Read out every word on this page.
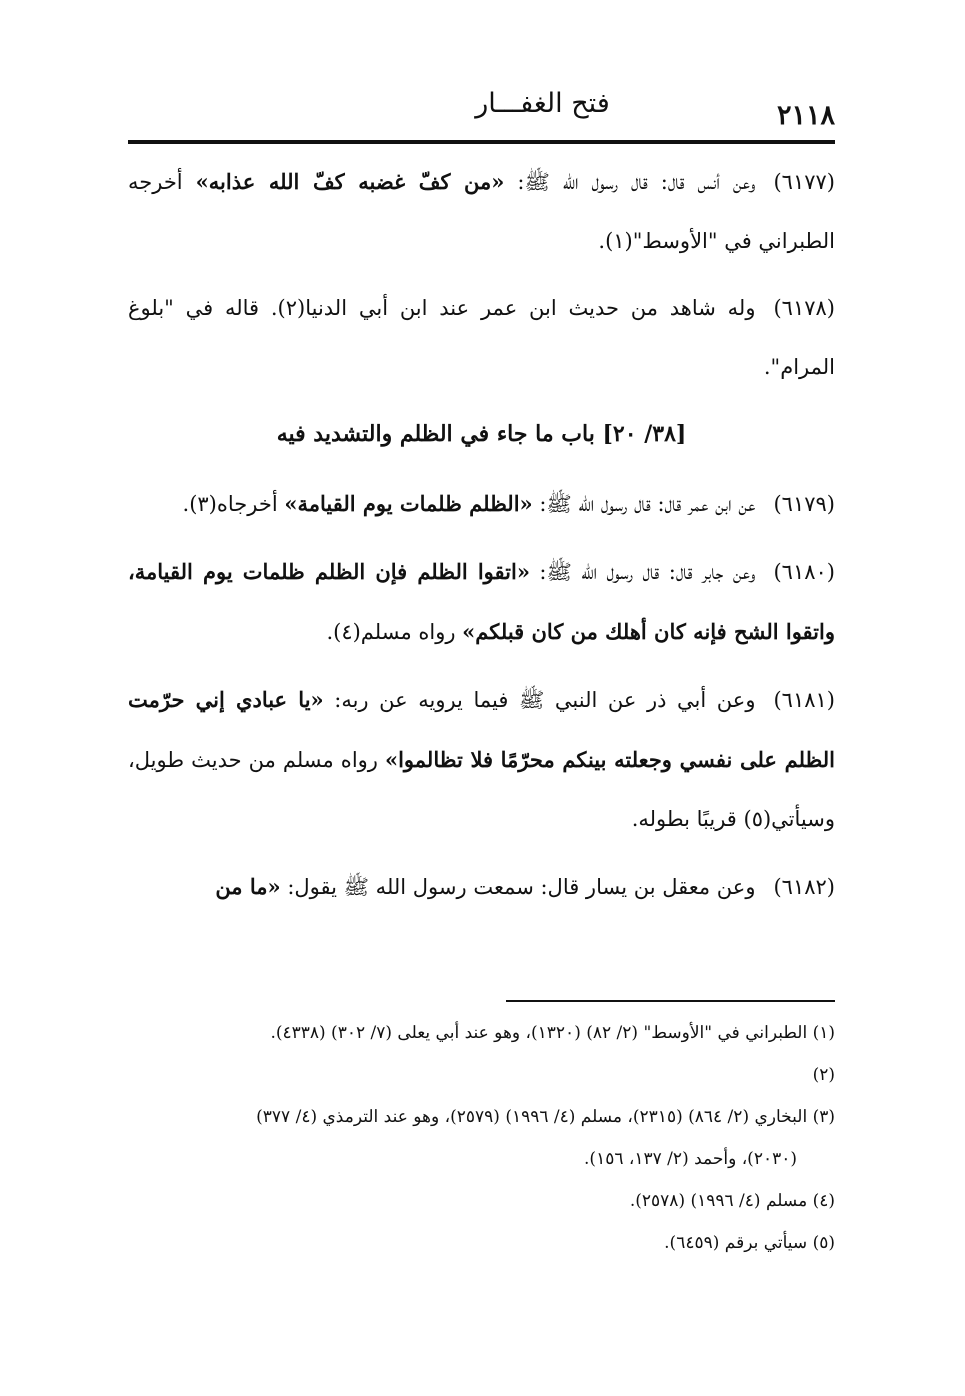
٢١١٨
فتح الغفـــار

(٦١٧٧)وعن أنس قال: قال رسول الله ﷺ: «من كفّ غضبه كفّ الله عذابه» أخرجه الطبراني في "الأوسط"(١).

(٦١٧٨)وله شاهد من حديث ابن عمر عند ابن أبي الدنيا(٢). قاله في "بلوغ المرام".

[٣٨/ ٢٠] باب ما جاء في الظلم والتشديد فيه

(٦١٧٩)عن ابن عمر قال: قال رسول الله ﷺ: «الظلم ظلمات يوم القيامة» أخرجاه(٣).

(٦١٨٠)وعن جابر قال: قال رسول الله ﷺ: «اتقوا الظلم فإن الظلم ظلمات يوم القيامة، واتقوا الشح فإنه كان أهلك من كان قبلكم» رواه مسلم(٤).

(٦١٨١)وعن أبي ذر عن النبي ﷺ فيما يرويه عن ربه: «يا عبادي إني حرّمت الظلم على نفسي وجعلته بينكم محرّمًا فلا تظالموا» رواه مسلم من حديث طويل، وسيأتي(٥) قريبًا بطوله.

(٦١٨٢)وعن معقل بن يسار قال: سمعت رسول الله ﷺ يقول: «ما من

(١) الطبراني في "الأوسط" (٢/ ٨٢) (١٣٢٠)، وهو عند أبي يعلى (٧/ ٣٠٢) (٤٣٣٨).

(٢)

(٣) البخاري (٢/ ٨٦٤) (٢٣١٥)، مسلم (٤/ ١٩٩٦) (٢٥٧٩)، وهو عند الترمذي (٤/ ٣٧٧)

(٢٠٣٠)، وأحمد (٢/ ١٣٧، ١٥٦).

(٤) مسلم (٤/ ١٩٩٦) (٢٥٧٨).

(٥) سيأتي برقم (٦٤٥٩).
